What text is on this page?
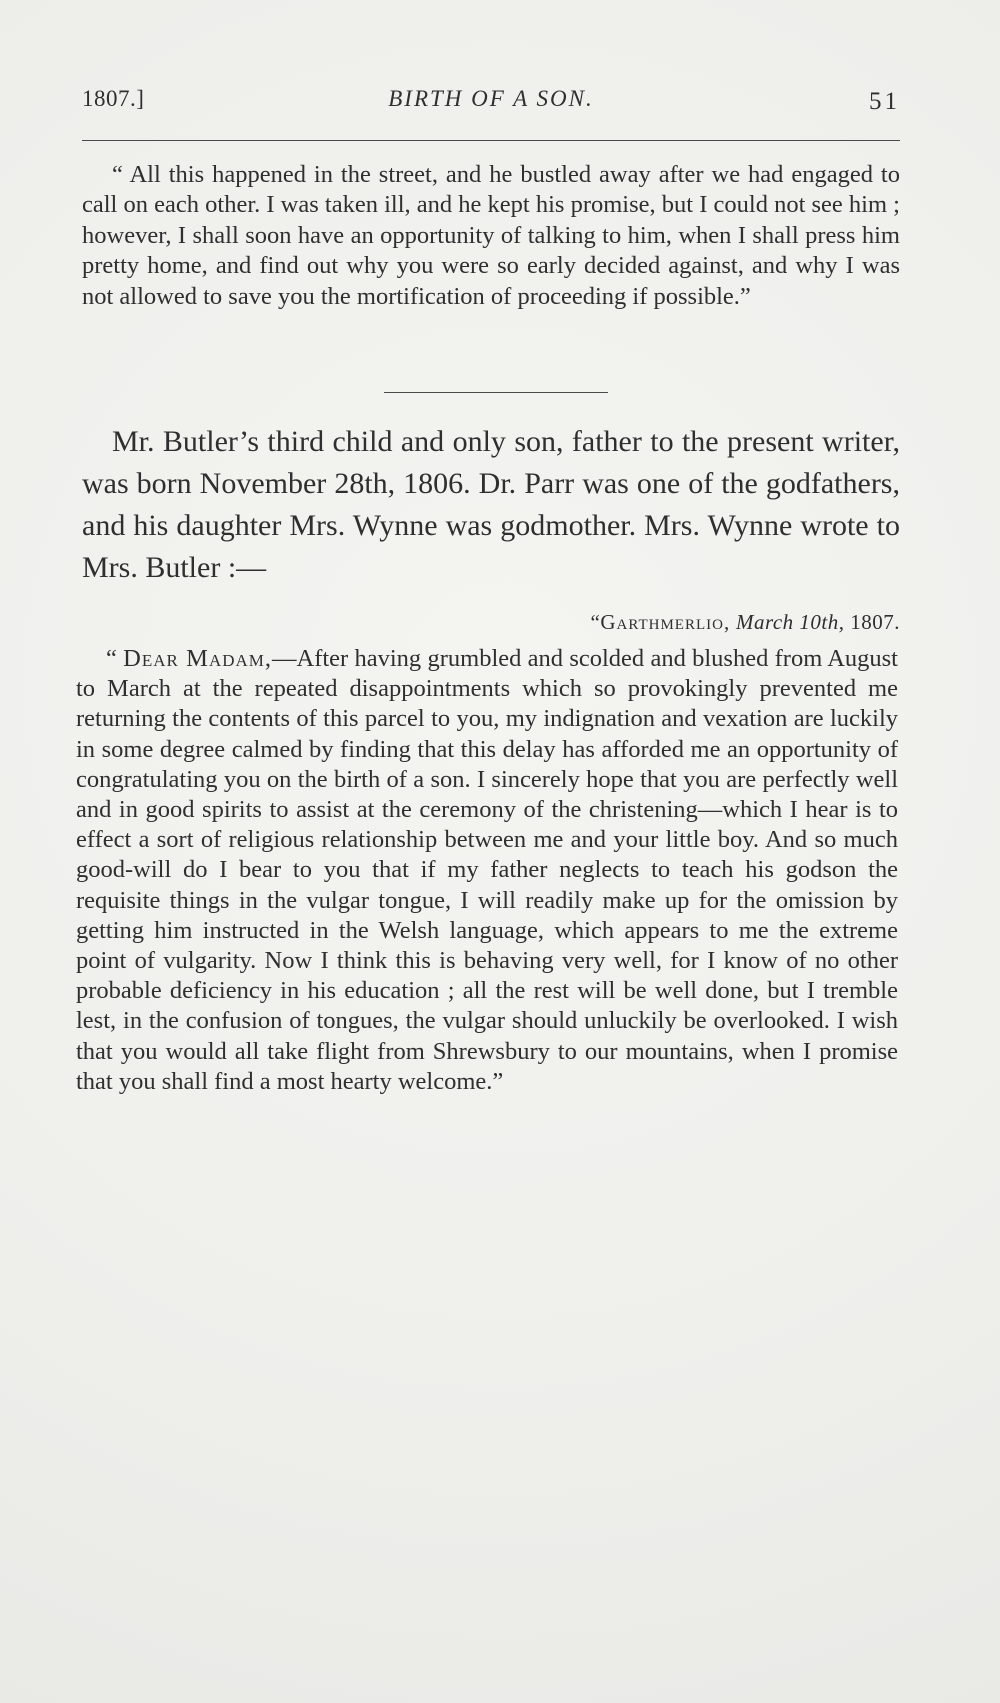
1807.]	BIRTH OF A SON.	51

“ All this happened in the street, and he bustled away after we had engaged to call on each other. I was taken ill, and he kept his promise, but I could not see him ; however, I shall soon have an opportunity of talking to him, when I shall press him pretty home, and find out why you were so early decided against, and why I was not allowed to save you the mortification of proceeding if possible.”

Mr. Butler’s third child and only son, father to the present writer, was born November 28th, 1806. Dr. Parr was one of the godfathers, and his daughter Mrs. Wynne was godmother. Mrs. Wynne wrote to Mrs. Butler :—

“Garthmerlio, March 10th, 1807.

“ Dear Madam,—After having grumbled and scolded and blushed from August to March at the repeated disappointments which so provokingly prevented me returning the contents of this parcel to you, my indignation and vexation are luckily in some degree calmed by finding that this delay has afforded me an opportunity of congratulating you on the birth of a son. I sincerely hope that you are perfectly well and in good spirits to assist at the ceremony of the christening—which I hear is to effect a sort of religious relationship between me and your little boy. And so much good-will do I bear to you that if my father neglects to teach his godson the requisite things in the vulgar tongue, I will readily make up for the omission by getting him instructed in the Welsh language, which appears to me the extreme point of vulgarity. Now I think this is behaving very well, for I know of no other probable deficiency in his education ; all the rest will be well done, but I tremble lest, in the confusion of tongues, the vulgar should unluckily be overlooked. I wish that you would all take flight from Shrewsbury to our mountains, when I promise that you shall find a most hearty welcome.”
